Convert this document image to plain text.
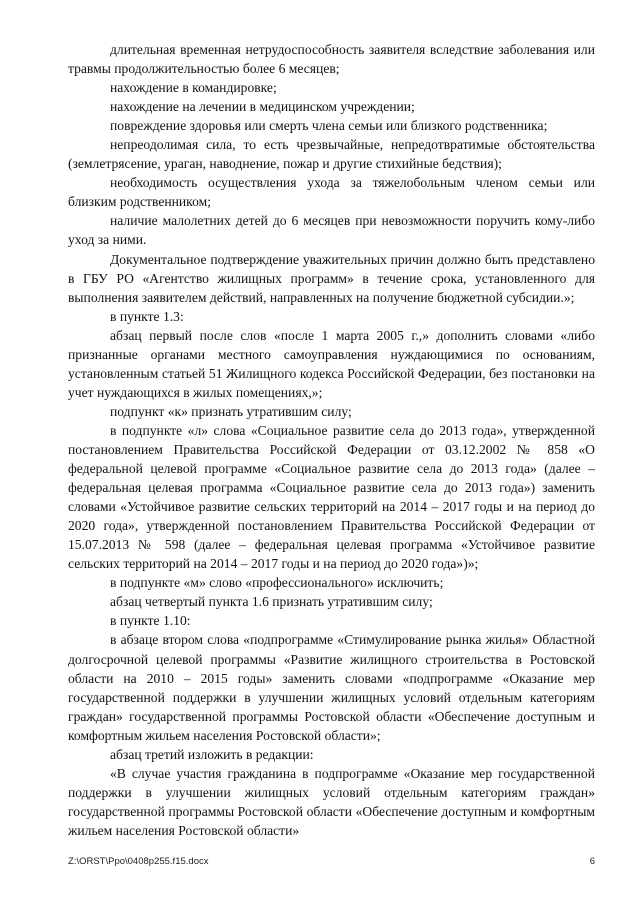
длительная временная нетрудоспособность заявителя вследствие заболевания или травмы продолжительностью более 6 месяцев;

нахождение в командировке;

нахождение на лечении в медицинском учреждении;

повреждение здоровья или смерть члена семьи или близкого родственника;

непреодолимая сила, то есть чрезвычайные, непредотвратимые обстоятельства (землетрясение, ураган, наводнение, пожар и другие стихийные бедствия);

необходимость осуществления ухода за тяжелобольным членом семьи или близким родственником;

наличие малолетних детей до 6 месяцев при невозможности поручить кому-либо уход за ними.

Документальное подтверждение уважительных причин должно быть представлено в ГБУ РО «Агентство жилищных программ» в течение срока, установленного для выполнения заявителем действий, направленных на получение бюджетной субсидии.»;

в пункте 1.3:

абзац первый после слов «после 1 марта 2005 г.,» дополнить словами «либо признанные органами местного самоуправления нуждающимися по основаниям, установленным статьей 51 Жилищного кодекса Российской Федерации, без постановки на учет нуждающихся в жилых помещениях,»;

подпункт «к» признать утратившим силу;

в подпункте «л» слова «Социальное развитие села до 2013 года», утвержденной постановлением Правительства Российской Федерации от 03.12.2002 № 858 «О федеральной целевой программе «Социальное развитие села до 2013 года» (далее – федеральная целевая программа «Социальное развитие села до 2013 года») заменить словами «Устойчивое развитие сельских территорий на 2014 – 2017 годы и на период до 2020 года», утвержденной постановлением Правительства Российской Федерации от 15.07.2013 № 598 (далее – федеральная целевая программа «Устойчивое развитие сельских территорий на 2014 – 2017 годы и на период до 2020 года»)»;

в подпункте «м» слово «профессионального» исключить;

абзац четвертый пункта 1.6 признать утратившим силу;

в пункте 1.10:

в абзаце втором слова «подпрограмме «Стимулирование рынка жилья» Областной долгосрочной целевой программы «Развитие жилищного строительства в Ростовской области на 2010 – 2015 годы» заменить словами «подпрограмме «Оказание мер государственной поддержки в улучшении жилищных условий отдельным категориям граждан» государственной программы Ростовской области «Обеспечение доступным и комфортным жильем населения Ростовской области»;

абзац третий изложить в редакции:

«В случае участия гражданина в подпрограмме «Оказание мер государственной поддержки в улучшении жилищных условий отдельным категориям граждан» государственной программы Ростовской области «Обеспечение доступным и комфортным жильем населения Ростовской области»

Z:\ORST\Ppo\0408p255.f15.docx	6
